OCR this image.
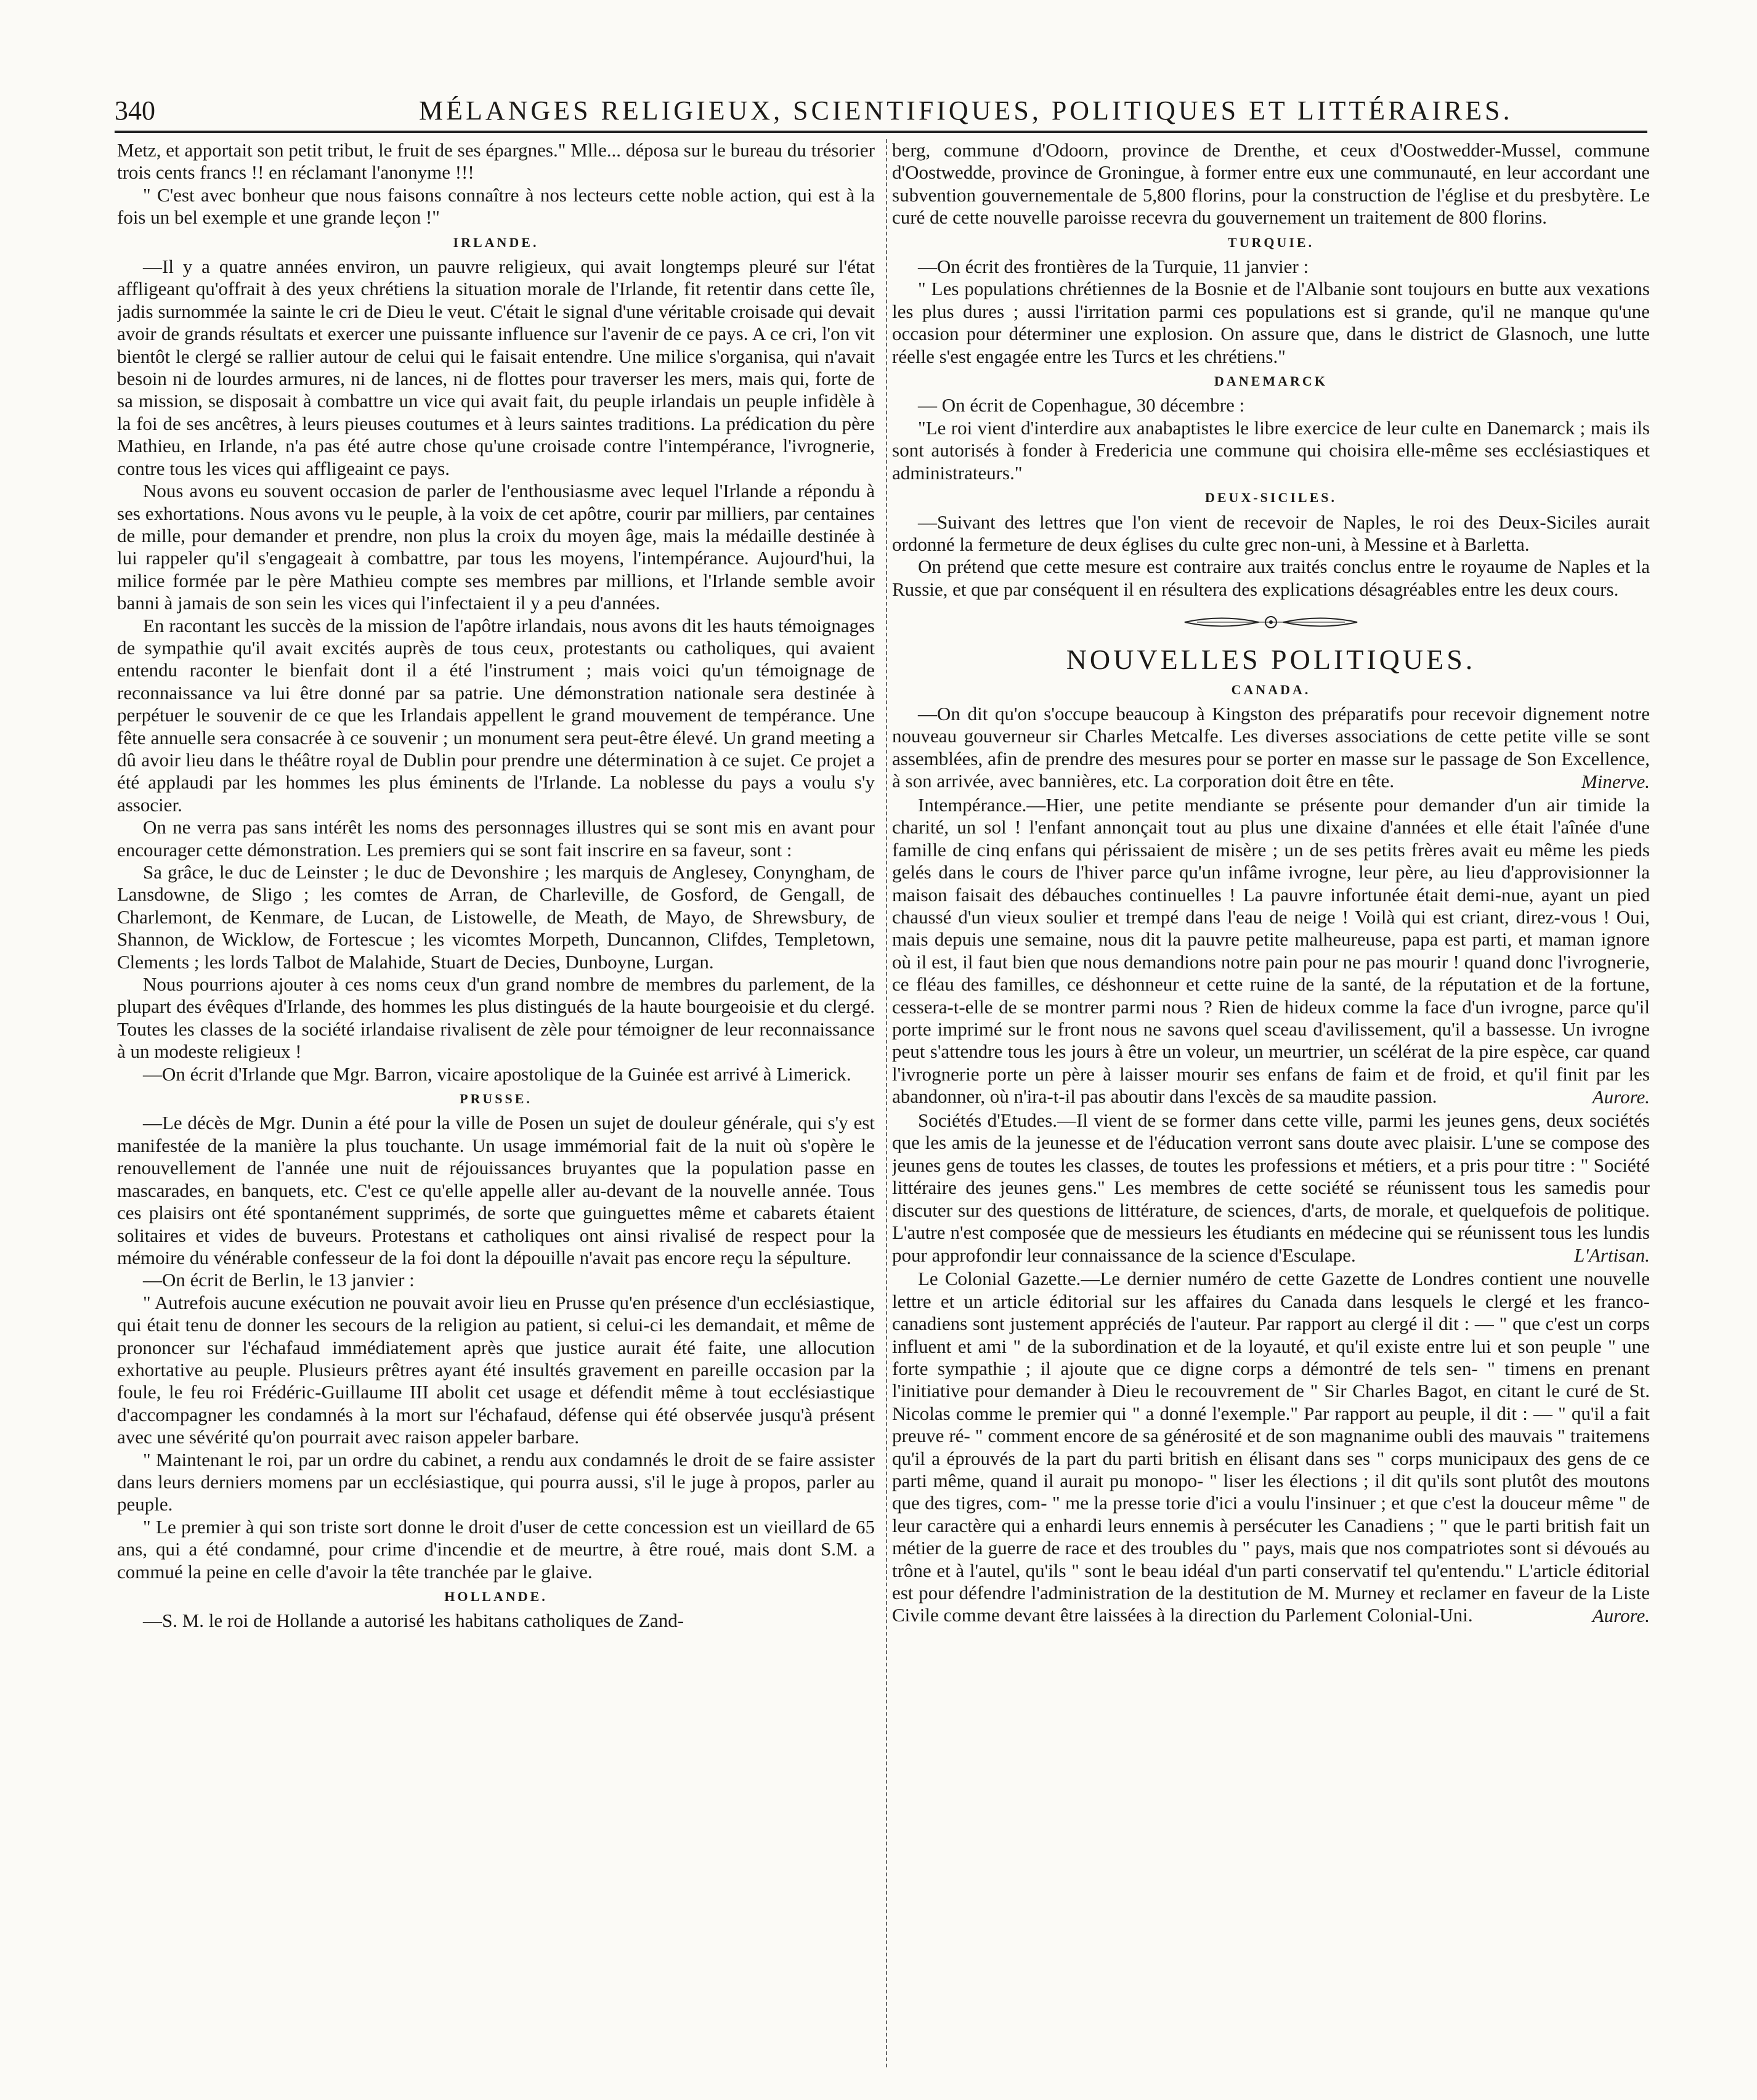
340	MÉLANGES RELIGIEUX, SCIENTIFIQUES, POLITIQUES ET LITTÉRAIRES.

Metz, et apportait son petit tribut, le fruit de ses épargnes." Mlle... déposa sur le bureau du trésorier trois cents francs !! en réclamant l'anonyme !!!

" C'est avec bonheur que nous faisons connaître à nos lecteurs cette noble action, qui est à la fois un bel exemple et une grande leçon !"

IRLANDE.

—Il y a quatre années environ, un pauvre religieux, qui avait longtemps pleuré sur l'état affligeant qu'offrait à des yeux chrétiens la situation morale de l'Irlande, fit retentir dans cette île, jadis surnommée la sainte le cri de Dieu le veut. C'était le signal d'une véritable croisade qui devait avoir de grands résultats et exercer une puissante influence sur l'avenir de ce pays. A ce cri, l'on vit bientôt le clergé se rallier autour de celui qui le faisait entendre. Une milice s'organisa, qui n'avait besoin ni de lourdes armures, ni de lances, ni de flottes pour traverser les mers, mais qui, forte de sa mission, se disposait à combattre un vice qui avait fait, du peuple irlandais un peuple infidèle à la foi de ses ancêtres, à leurs pieuses coutumes et à leurs saintes traditions. La prédication du père Mathieu, en Irlande, n'a pas été autre chose qu'une croisade contre l'intempérance, l'ivrognerie, contre tous les vices qui affligeaint ce pays.

Nous avons eu souvent occasion de parler de l'enthousiasme avec lequel l'Irlande a répondu à ses exhortations. Nous avons vu le peuple, à la voix de cet apôtre, courir par milliers, par centaines de mille, pour demander et prendre, non plus la croix du moyen âge, mais la médaille destinée à lui rappeler qu'il s'engageait à combattre, par tous les moyens, l'intempérance. Aujourd'hui, la milice formée par le père Mathieu compte ses membres par millions, et l'Irlande semble avoir banni à jamais de son sein les vices qui l'infectaient il y a peu d'années.

En racontant les succès de la mission de l'apôtre irlandais, nous avons dit les hauts témoignages de sympathie qu'il avait excités auprès de tous ceux, protestants ou catholiques, qui avaient entendu raconter le bienfait dont il a été l'instrument ; mais voici qu'un témoignage de reconnaissance va lui être donné par sa patrie. Une démonstration nationale sera destinée à perpétuer le souvenir de ce que les Irlandais appellent le grand mouvement de tempérance. Une fête annuelle sera consacrée à ce souvenir ; un monument sera peut-être élevé. Un grand meeting a dû avoir lieu dans le théâtre royal de Dublin pour prendre une détermination à ce sujet. Ce projet a été applaudi par les hommes les plus éminents de l'Irlande. La noblesse du pays a voulu s'y associer.

On ne verra pas sans intérêt les noms des personnages illustres qui se sont mis en avant pour encourager cette démonstration. Les premiers qui se sont fait inscrire en sa faveur, sont :

Sa grâce, le duc de Leinster ; le duc de Devonshire ; les marquis de Anglesey, Conyngham, de Lansdowne, de Sligo ; les comtes de Arran, de Charleville, de Gosford, de Gengall, de Charlemont, de Kenmare, de Lucan, de Listowelle, de Meath, de Mayo, de Shrewsbury, de Shannon, de Wicklow, de Fortescue ; les vicomtes Morpeth, Duncannon, Clifdes, Templetown, Clements ; les lords Talbot de Malahide, Stuart de Decies, Dunboyne, Lurgan.

Nous pourrions ajouter à ces noms ceux d'un grand nombre de membres du parlement, de la plupart des évêques d'Irlande, des hommes les plus distingués de la haute bourgeoisie et du clergé. Toutes les classes de la société irlandaise rivalisent de zèle pour témoigner de leur reconnaissance à un modeste religieux !

—On écrit d'Irlande que Mgr. Barron, vicaire apostolique de la Guinée est arrivé à Limerick.

PRUSSE.

—Le décès de Mgr. Dunin a été pour la ville de Posen un sujet de douleur générale, qui s'y est manifestée de la manière la plus touchante. Un usage immémorial fait de la nuit où s'opère le renouvellement de l'année une nuit de réjouissances bruyantes que la population passe en mascarades, en banquets, etc. C'est ce qu'elle appelle aller au-devant de la nouvelle année. Tous ces plaisirs ont été spontanément supprimés, de sorte que guinguettes même et cabarets étaient solitaires et vides de buveurs. Protestans et catholiques ont ainsi rivalisé de respect pour la mémoire du vénérable confesseur de la foi dont la dépouille n'avait pas encore reçu la sépulture.

—On écrit de Berlin, le 13 janvier :

" Autrefois aucune exécution ne pouvait avoir lieu en Prusse qu'en présence d'un ecclésiastique, qui était tenu de donner les secours de la religion au patient, si celui-ci les demandait, et même de prononcer sur l'échafaud immédiatement après que justice aurait été faite, une allocution exhortative au peuple. Plusieurs prêtres ayant été insultés gravement en pareille occasion par la foule, le feu roi Frédéric-Guillaume III abolit cet usage et défendit même à tout ecclésiastique d'accompagner les condamnés à la mort sur l'échafaud, défense qui été observée jusqu'à présent avec une sévérité qu'on pourrait avec raison appeler barbare.

" Maintenant le roi, par un ordre du cabinet, a rendu aux condamnés le droit de se faire assister dans leurs derniers momens par un ecclésiastique, qui pourra aussi, s'il le juge à propos, parler au peuple.

" Le premier à qui son triste sort donne le droit d'user de cette concession est un vieillard de 65 ans, qui a été condamné, pour crime d'incendie et de meurtre, à être roué, mais dont S.M. a commué la peine en celle d'avoir la tête tranchée par le glaive.

HOLLANDE.

—S. M. le roi de Hollande a autorisé les habitans catholiques de Zand-

berg, commune d'Odoorn, province de Drenthe, et ceux d'Oostwedder-Mussel, commune d'Oostwedde, province de Groningue, à former entre eux une communauté, en leur accordant une subvention gouvernementale de 5,800 florins, pour la construction de l'église et du presbytère. Le curé de cette nouvelle paroisse recevra du gouvernement un traitement de 800 florins.

TURQUIE.

—On écrit des frontières de la Turquie, 11 janvier :

" Les populations chrétiennes de la Bosnie et de l'Albanie sont toujours en butte aux vexations les plus dures ; aussi l'irritation parmi ces populations est si grande, qu'il ne manque qu'une occasion pour déterminer une explosion. On assure que, dans le district de Glasnoch, une lutte réelle s'est engagée entre les Turcs et les chrétiens."

DANEMARCK

— On écrit de Copenhague, 30 décembre :

"Le roi vient d'interdire aux anabaptistes le libre exercice de leur culte en Danemarck ; mais ils sont autorisés à fonder à Fredericia une commune qui choisira elle-même ses ecclésiastiques et administrateurs."

DEUX-SICILES.

—Suivant des lettres que l'on vient de recevoir de Naples, le roi des Deux-Siciles aurait ordonné la fermeture de deux églises du culte grec non-uni, à Messine et à Barletta.

On prétend que cette mesure est contraire aux traités conclus entre le royaume de Naples et la Russie, et que par conséquent il en résultera des explications désagréables entre les deux cours.

NOUVELLES POLITIQUES.
CANADA.

—On dit qu'on s'occupe beaucoup à Kingston des préparatifs pour recevoir dignement notre nouveau gouverneur sir Charles Metcalfe. Les diverses associations de cette petite ville se sont assemblées, afin de prendre des mesures pour se porter en masse sur le passage de Son Excellence, à son arrivée, avec bannières, etc. La corporation doit être en tête.	Minerve.

Intempérance.—Hier, une petite mendiante se présente pour demander d'un air timide la charité, un sol ! l'enfant annonçait tout au plus une dixaine d'années et elle était l'aînée d'une famille de cinq enfans qui périssaient de misère ; un de ses petits frères avait eu même les pieds gelés dans le cours de l'hiver parce qu'un infâme ivrogne, leur père, au lieu d'approvisionner la maison faisait des débauches continuelles ! La pauvre infortunée était demi-nue, ayant un pied chaussé d'un vieux soulier et trempé dans l'eau de neige ! Voilà qui est criant, direz-vous ! Oui, mais depuis une semaine, nous dit la pauvre petite malheureuse, papa est parti, et maman ignore où il est, il faut bien que nous demandions notre pain pour ne pas mourir ! quand donc l'ivrognerie, ce fléau des familles, ce déshonneur et cette ruine de la santé, de la réputation et de la fortune, cessera-t-elle de se montrer parmi nous ? Rien de hideux comme la face d'un ivrogne, parce qu'il porte imprimé sur le front nous ne savons quel sceau d'avilissement, qu'il a bassesse. Un ivrogne peut s'attendre tous les jours à être un voleur, un meurtrier, un scélérat de la pire espèce, car quand l'ivrognerie porte un père à laisser mourir ses enfans de faim et de froid, et qu'il finit par les abandonner, où n'ira-t-il pas aboutir dans l'excès de sa maudite passion.	Aurore.

Sociétés d'Etudes.—Il vient de se former dans cette ville, parmi les jeunes gens, deux sociétés que les amis de la jeunesse et de l'éducation verront sans doute avec plaisir. L'une se compose des jeunes gens de toutes les classes, de toutes les professions et métiers, et a pris pour titre : " Société littéraire des jeunes gens." Les membres de cette société se réunissent tous les samedis pour discuter sur des questions de littérature, de sciences, d'arts, de morale, et quelquefois de politique. L'autre n'est composée que de messieurs les étudiants en médecine qui se réunissent tous les lundis pour approfondir leur connaissance de la science d'Esculape.	L'Artisan.

Le Colonial Gazette.—Le dernier numéro de cette Gazette de Londres contient une nouvelle lettre et un article éditorial sur les affaires du Canada dans lesquels le clergé et les franco-canadiens sont justement appréciés de l'auteur. Par rapport au clergé il dit : — " que c'est un corps influent et ami " de la subordination et de la loyauté, et qu'il existe entre lui et son peuple " une forte sympathie ; il ajoute que ce digne corps a démontré de tels sen- " timens en prenant l'initiative pour demander à Dieu le recouvrement de " Sir Charles Bagot, en citant le curé de St. Nicolas comme le premier qui " a donné l'exemple." Par rapport au peuple, il dit : — " qu'il a fait preuve ré- " comment encore de sa générosité et de son magnanime oubli des mauvais " traitemens qu'il a éprouvés de la part du parti british en élisant dans ses " corps municipaux des gens de ce parti même, quand il aurait pu monopo- " liser les élections ; il dit qu'ils sont plutôt des moutons que des tigres, com- " me la presse torie d'ici a voulu l'insinuer ; et que c'est la douceur même " de leur caractère qui a enhardi leurs ennemis à persécuter les Canadiens ; " que le parti british fait un métier de la guerre de race et des troubles du " pays, mais que nos compatriotes sont si dévoués au trône et à l'autel, qu'ils " sont le beau idéal d'un parti conservatif tel qu'entendu." L'article éditorial est pour défendre l'administration de la destitution de M. Murney et reclamer en faveur de la Liste Civile comme devant être laissées à la direction du Parlement Colonial-Uni.	Aurore.
